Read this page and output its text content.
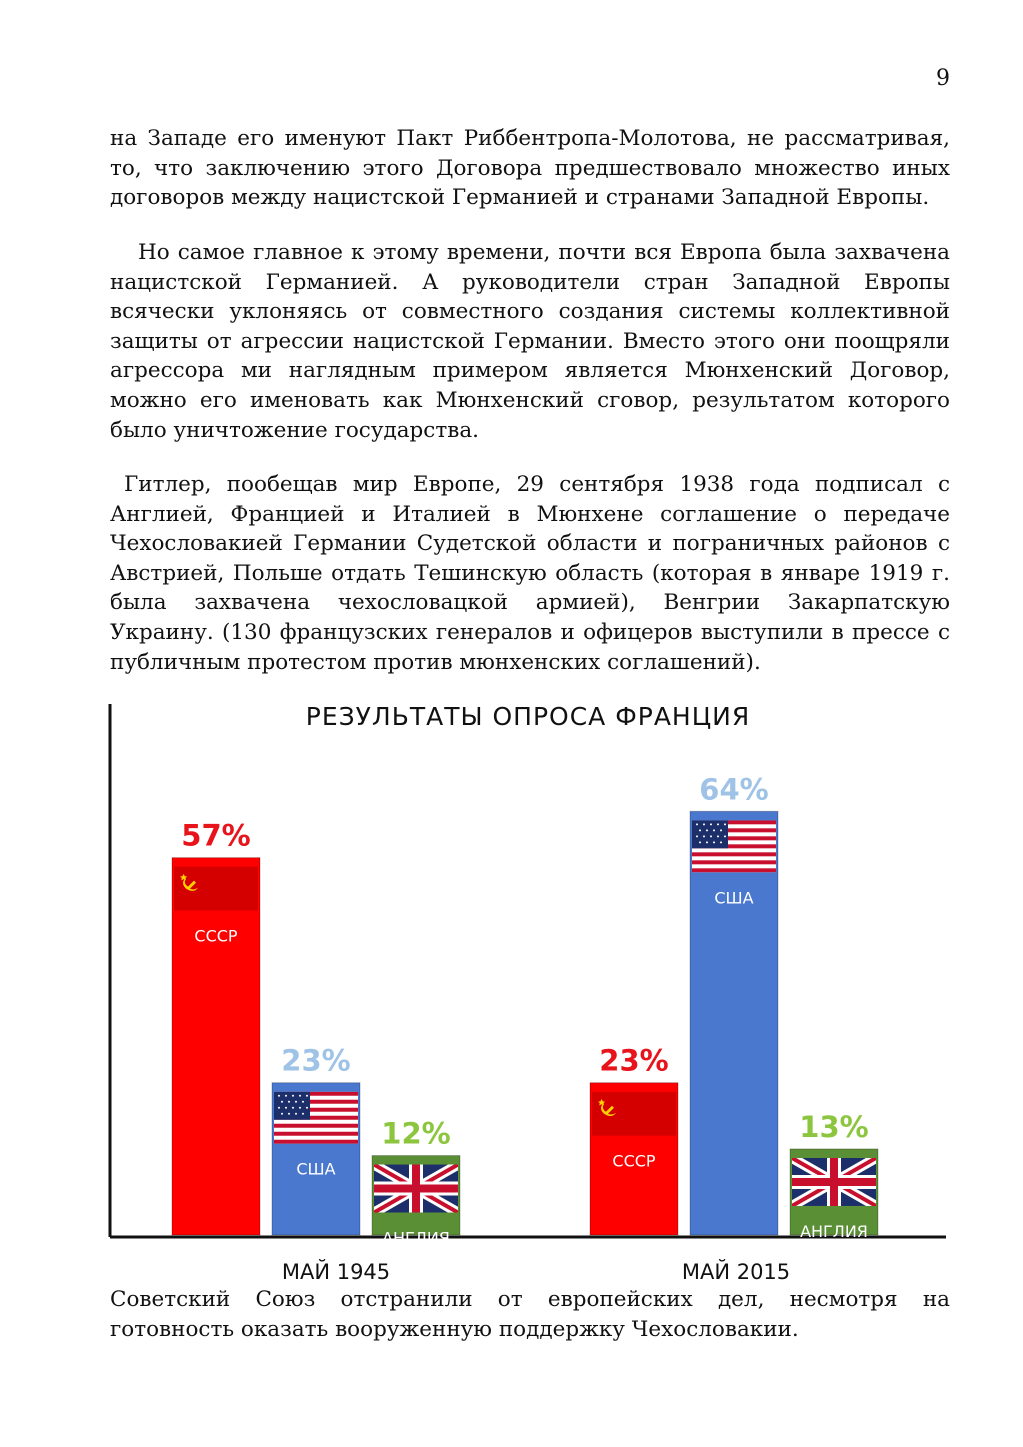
9

на Западе его именуют Пакт Риббентропа-Молотова, не рассматривая, то, что заключению этого Договора предшествовало множество иных договоров между нацистской Германией и странами Западной Европы.

Но самое главное к этому времени, почти вся Европа была захвачена нацистской Германией. А руководители стран Западной Европы всячески уклоняясь от совместного создания системы коллективной защиты от агрессии нацистской Германии. Вместо этого они поощряли агрессора ми наглядным примером является Мюнхенский Договор, можно его именовать как Мюнхенский сговор, результатом которого было уничтожение государства.

Гитлер, пообещав мир Европе, 29 сентября 1938 года подписал с Англией, Францией и Италией в Мюнхене соглашение о передаче Чехословакией Германии Судетской области и пограничных районов с Австрией, Польше отдать Тешинскую область (которая в январе 1919 г. была захвачена чехословацкой армией), Венгрии Закарпатскую Украину. (130 французских генералов и офицеров выступили в прессе с публичным протестом против мюнхенских соглашений).

РЕЗУЛЬТАТЫ ОПРОСА ФРАНЦИЯ
СССР
57%
США
23%
АНГЛИЯ
12%
СССР
23%
США
64%
АНГЛИЯ
13%
МАЙ 1945	МАЙ 2015

Советский Союз отстранили от европейских дел, несмотря на готовность оказать вооруженную поддержку Чехословакии.
